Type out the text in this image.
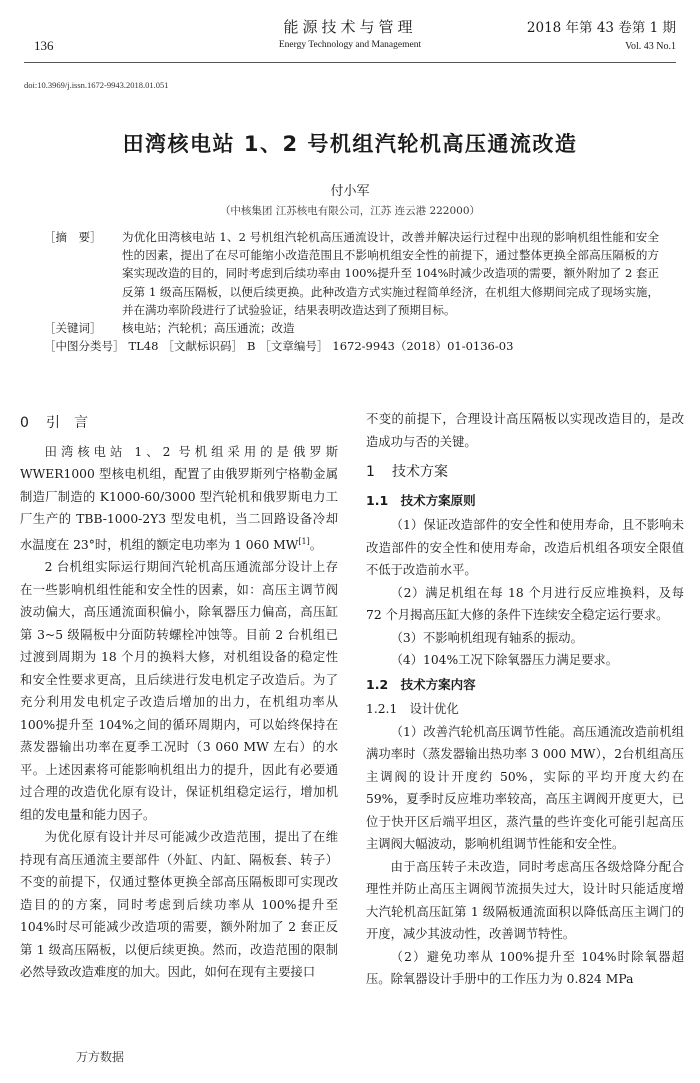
136
能源技术与管理
Energy Technology and Management
2018 年第 43 卷第 1 期
Vol. 43 No.1
doi:10.3969/j.issn.1672-9943.2018.01.051
田湾核电站 1、2 号机组汽轮机高压通流改造
付小军
（中核集团 江苏核电有限公司，江苏 连云港 222000）
［摘　要］	为优化田湾核电站 1、2 号机组汽轮机高压通流设计，改善并解决运行过程中出现的影响机组性能和安全性的因素，提出了在尽可能缩小改造范围且不影响机组安全性的前提下，通过整体更换全部高压隔板的方案实现改造的目的，同时考虑到后续功率由 100%提升至 104%时减少改造项的需要，额外附加了 2 套正反第 1 级高压隔板，以便后续更换。此种改造方式实施过程简单经济，在机组大修期间完成了现场实施，并在满功率阶段进行了试验验证，结果表明改造达到了预期目标。
［关键词］	核电站；汽轮机；高压通流；改造
［中图分类号］ TL48 ［文献标识码］ B ［文章编号］ 1672-9943（2018）01-0136-03
0 引　言

田湾核电站 1、2 号机组采用的是俄罗斯 WWER1000 型核电机组，配置了由俄罗斯列宁格勒金属制造厂制造的 K1000-60/3000 型汽轮机和俄罗斯电力工厂生产的 TBB-1000-2Y3 型发电机，当二回路设备冷却水温度在 23°时，机组的额定电功率为 1 060 MW[1]。

2 台机组实际运行期间汽轮机高压通流部分设计上存在一些影响机组性能和安全性的因素，如：高压主调节阀波动偏大，高压通流面积偏小，除氧器压力偏高，高压缸第 3~5 级隔板中分面防转螺栓冲蚀等。目前 2 台机组已过渡到周期为 18 个月的换料大修，对机组设备的稳定性和安全性要求更高，且后续进行发电机定子改造后。为了充分利用发电机定子改造后增加的出力，在机组功率从 100%提升至 104%之间的循环周期内，可以始终保持在蒸发器输出功率在夏季工况时（3 060 MW 左右）的水平。上述因素将可能影响机组出力的提升，因此有必要通过合理的改造优化原有设计，保证机组稳定运行，增加机组的发电量和能力因子。

为优化原有设计并尽可能减少改造范围，提出了在维持现有高压通流主要部件（外缸、内缸、隔板套、转子）不变的前提下，仅通过整体更换全部高压隔板即可实现改造目的的方案，同时考虑到后续功率从 100%提升至 104%时尽可能减少改造项的需要，额外附加了 2 套正反第 1 级高压隔板，以便后续更换。然而，改造范围的限制必然导致改造难度的加大。因此，如何在现有主要接口

不变的前提下，合理设计高压隔板以实现改造目的，是改造成功与否的关键。

1 技术方案
1.1　技术方案原则

（1）保证改造部件的安全性和使用寿命，且不影响未改造部件的安全性和使用寿命，改造后机组各项安全限值不低于改造前水平。

（2）满足机组在每 18 个月进行反应堆换料，及每 72 个月揭高压缸大修的条件下连续安全稳定运行要求。

（3）不影响机组现有轴系的振动。

（4）104%工况下除氧器压力满足要求。

1.2　技术方案内容
1.2.1　设计优化

（1）改善汽轮机高压调节性能。高压通流改造前机组满功率时（蒸发器输出热功率 3 000 MW），2台机组高压主调阀的设计开度约 50%，实际的平均开度大约在 59%，夏季时反应堆功率较高，高压主调阀开度更大，已位于快开区后端平坦区，蒸汽量的些许变化可能引起高压主调阀大幅波动，影响机组调节性能和安全性。

由于高压转子未改造，同时考虑高压各级焓降分配合理性并防止高压主调阀节流损失过大，设计时只能适度增大汽轮机高压缸第 1 级隔板通流面积以降低高压主调门的开度，减少其波动性，改善调节特性。

（2）避免功率从 100%提升至 104%时除氧器超压。除氧器设计手册中的工作压力为 0.824 MPa

万方数据
